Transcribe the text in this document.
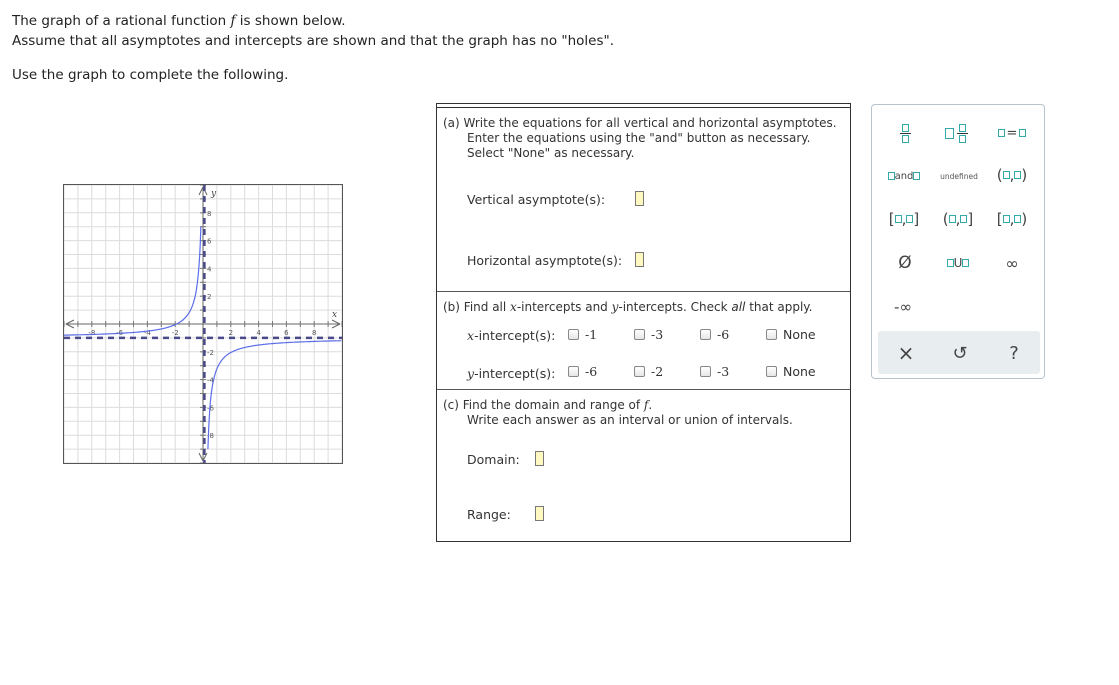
The graph of a rational function f is shown below.

Assume that all asymptotes and intercepts are shown and that the graph has no "holes".

Use the graph to complete the following.

-8	-6	-4	-2	2	4	6	8
8
6
4
2
-2
-4
-6
-8
x
y
(a) Write the equations for all vertical and horizontal asymptotes.
Enter the equations using the "and" button as necessary.
Select "None" as necessary.
Vertical asymptote(s):
Horizontal asymptote(s):
(b) Find all x-intercepts and y-intercepts. Check all that apply.
x-intercept(s): -1	-3	-6	None
y-intercept(s): -6	-2	-3	None
(c) Find the domain and range of f.
Write each answer as an interval or union of intervals.
Domain:
Range:
=
and	undefined	( , )
[ , ]	( , ]	[ , )
Ø	U	∞
-∞
×	↺	?
